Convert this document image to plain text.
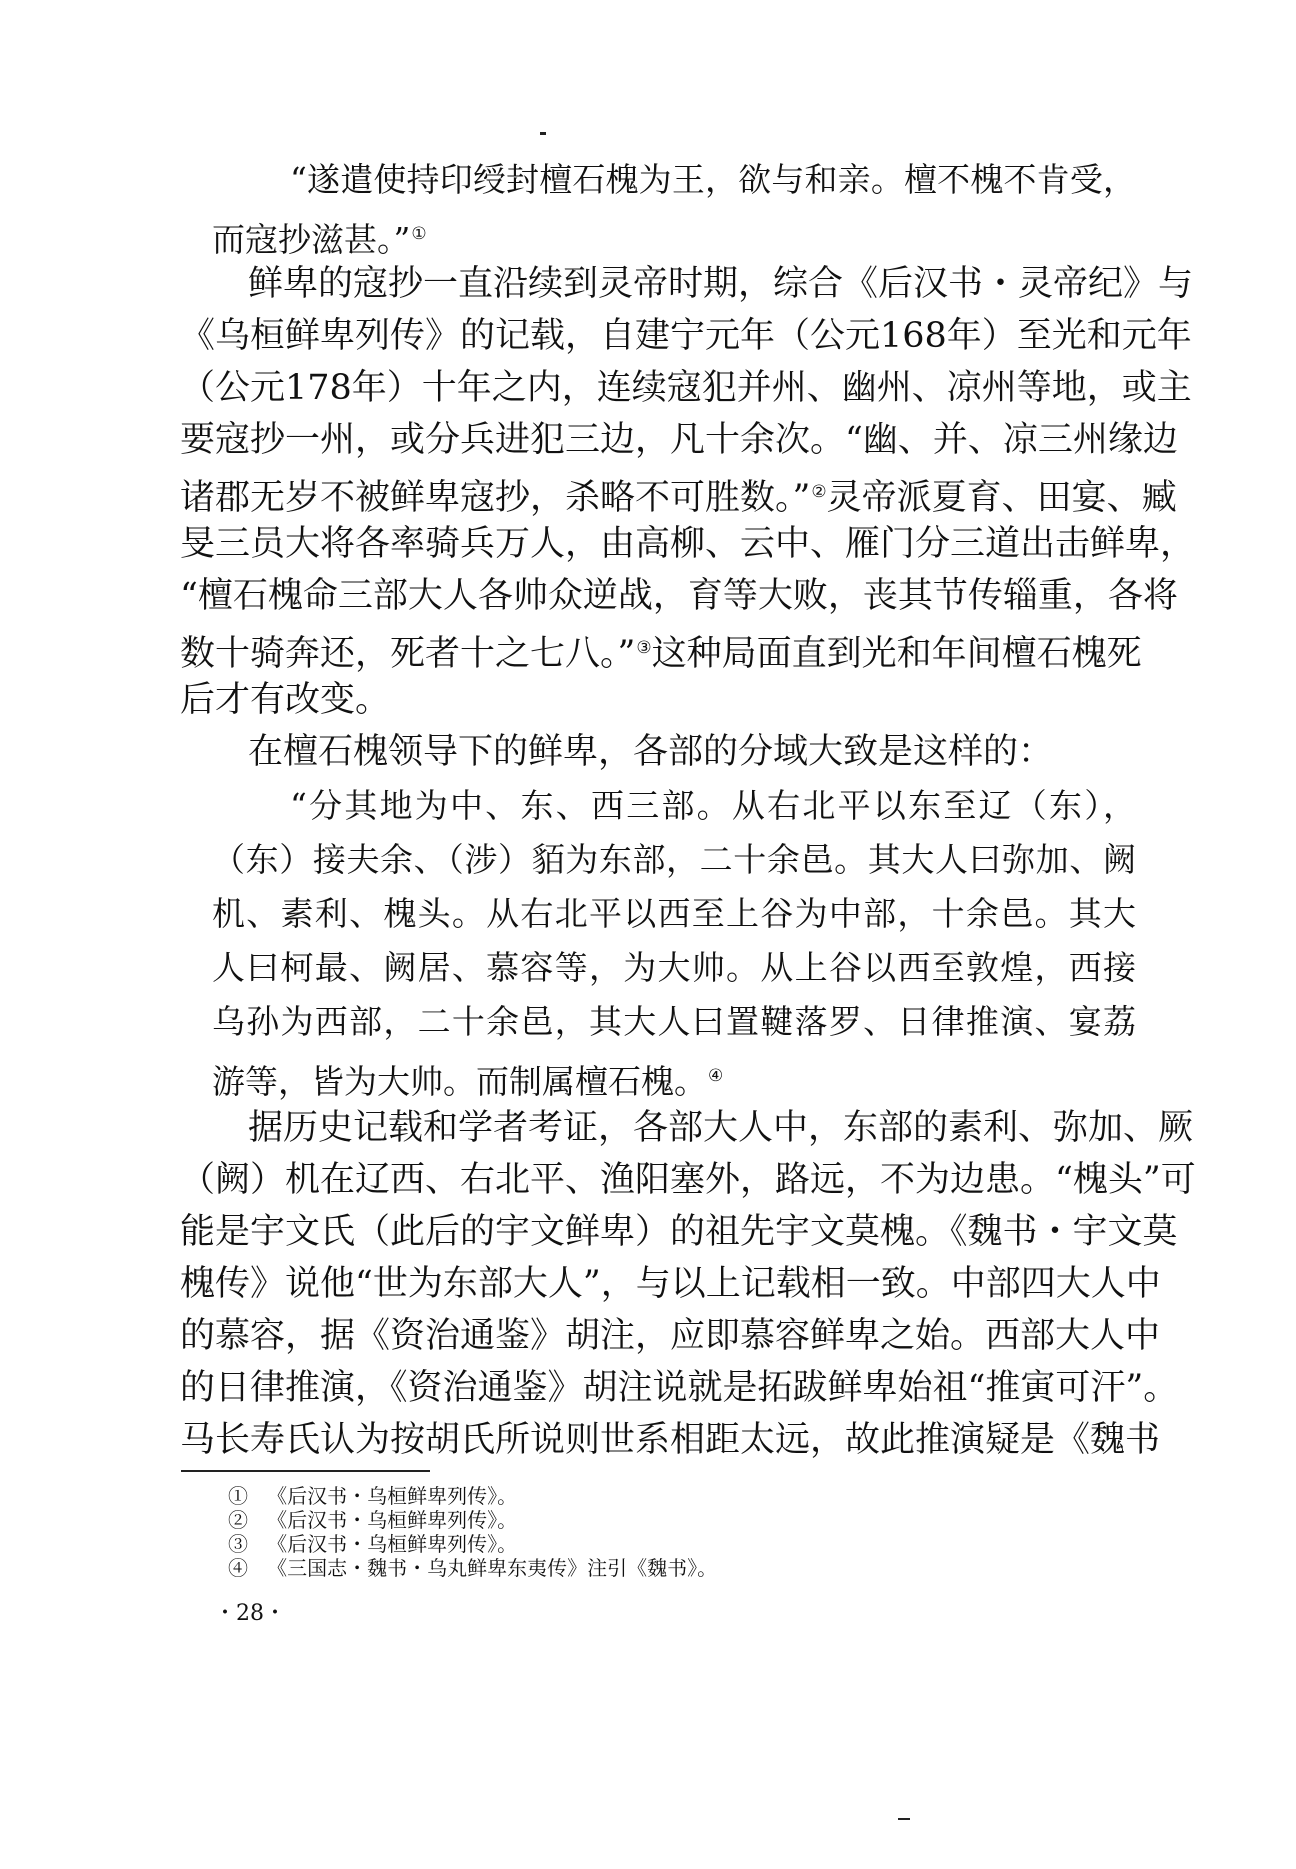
“遂遣使持印绶封檀石槐为王，欲与和亲。檀不槐不肯受，
而寇抄滋甚。”①
鲜卑的寇抄一直沿续到灵帝时期，综合《后汉书・灵帝纪》与
《乌桓鲜卑列传》的记载，自建宁元年（公元168年）至光和元年
（公元178年）十年之内，连续寇犯并州、幽州、凉州等地，或主
要寇抄一州，或分兵进犯三边，凡十余次。“幽、并、凉三州缘边
诸郡无岁不被鲜卑寇抄，杀略不可胜数。”②灵帝派夏育、田宴、臧
旻三员大将各率骑兵万人，由高柳、云中、雁门分三道出击鲜卑，
“檀石槐命三部大人各帅众逆战，育等大败，丧其节传辎重，各将
数十骑奔还，死者十之七八。”③这种局面直到光和年间檀石槐死
后才有改变。
在檀石槐领导下的鲜卑，各部的分域大致是这样的：
“分其地为中、东、西三部。从右北平以东至辽（东），
（东）接夫余、（涉）貊为东部，二十余邑。其大人曰弥加、阙
机、素利、槐头。从右北平以西至上谷为中部，十余邑。其大
人曰柯最、阙居、慕容等，为大帅。从上谷以西至敦煌，西接
乌孙为西部，二十余邑，其大人曰置鞬落罗、日律推演、宴荔
游等，皆为大帅。而制属檀石槐。④
据历史记载和学者考证，各部大人中，东部的素利、弥加、厥
（阙）机在辽西、右北平、渔阳塞外，路远，不为边患。“槐头”可
能是宇文氏（此后的宇文鲜卑）的祖先宇文莫槐。《魏书・宇文莫
槐传》说他“世为东部大人”，与以上记载相一致。中部四大人中
的慕容，据《资治通鉴》胡注，应即慕容鲜卑之始。西部大人中
的日律推演，《资治通鉴》胡注说就是拓跋鲜卑始祖“推寅可汗”。
马长寿氏认为按胡氏所说则世系相距太远，故此推演疑是《魏书
① 《后汉书・乌桓鲜卑列传》。
② 《后汉书・乌桓鲜卑列传》。
③ 《后汉书・乌桓鲜卑列传》。
④ 《三国志・魏书・乌丸鲜卑东夷传》注引《魏书》。
・28・
